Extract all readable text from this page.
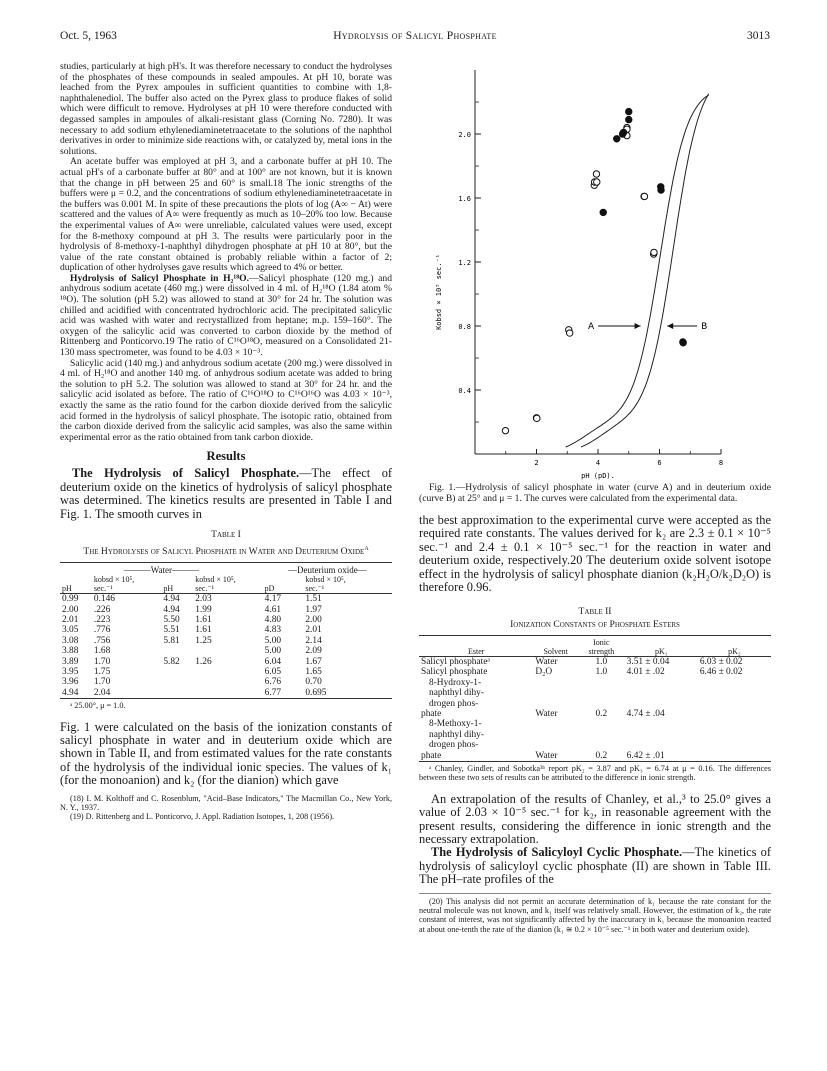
Oct. 5, 1963	Hydrolysis of Salicyl Phosphate	3013

studies, particularly at high pH's. It was therefore necessary to conduct the hydrolyses of the phosphates of these compounds in sealed ampoules. At pH 10, borate was leached from the Pyrex ampoules in sufficient quantities to combine with 1,8-naphthalenediol. The buffer also acted on the Pyrex glass to produce flakes of solid which were difficult to remove. Hydrolyses at pH 10 were therefore conducted with degassed samples in ampoules of alkali-resistant glass (Corning No. 7280). It was necessary to add sodium ethylenediaminetetraacetate to the solutions of the naphthol derivatives in order to minimize side reactions with, or catalyzed by, metal ions in the solutions.

An acetate buffer was employed at pH 3, and a carbonate buffer at pH 10. The actual pH's of a carbonate buffer at 80° and at 100° are not known, but it is known that the change in pH between 25 and 60° is small.18 The ionic strengths of the buffers were μ = 0.2, and the concentrations of sodium ethylenediaminetetraacetate in the buffers was 0.001 M. In spite of these precautions the plots of log (A∞ − At) were scattered and the values of A∞ were frequently as much as 10–20% too low. Because the experimental values of A∞ were unreliable, calculated values were used, except for the 8-methoxy compound at pH 3. The results were particularly poor in the hydrolysis of 8-methoxy-1-naphthyl dihydrogen phosphate at pH 10 at 80°, but the value of the rate constant obtained is probably reliable within a factor of 2; duplication of other hydrolyses gave results which agreed to 4% or better.

Hydrolysis of Salicyl Phosphate in H₂¹⁸O.—Salicyl phosphate (120 mg.) and anhydrous sodium acetate (460 mg.) were dissolved in 4 ml. of H₂¹⁸O (1.84 atom % ¹⁸O). The solution (pH 5.2) was allowed to stand at 30° for 24 hr. The solution was chilled and acidified with concentrated hydrochloric acid. The precipitated salicylic acid was washed with water and recrystallized from heptane; m.p. 159–160°. The oxygen of the salicylic acid was converted to carbon dioxide by the method of Rittenberg and Ponticorvo.19 The ratio of C¹⁶O¹⁸O, measured on a Consolidated 21-130 mass spectrometer, was found to be 4.03 × 10⁻³.

Salicylic acid (140 mg.) and anhydrous sodium acetate (200 mg.) were dissolved in 4 ml. of H₂¹⁸O and another 140 mg. of anhydrous sodium acetate was added to bring the solution to pH 5.2. The solution was allowed to stand at 30° for 24 hr. and the salicylic acid isolated as before. The ratio of C¹⁶O¹⁸O to C¹⁶O¹⁶O was 4.03 × 10⁻³, exactly the same as the ratio found for the carbon dioxide derived from the salicylic acid formed in the hydrolysis of salicyl phosphate. The isotopic ratio, obtained from the carbon dioxide derived from the salicylic acid samples, was also the same within experimental error as the ratio obtained from tank carbon dioxide.

Results

The Hydrolysis of Salicyl Phosphate.—The effect of deuterium oxide on the kinetics of hydrolysis of salicyl phosphate was determined. The kinetics results are presented in Table I and Fig. 1. The smooth curves in

Table I
The Hydrolyses of Salicyl Phosphate in Water and Deuterium Oxide$^a$
———Water———				—Deuterium oxide—	
	kobsd × 10⁵,		kobsd × 10⁵,		kobsd × 10⁵,
pH	sec.⁻¹	pH	sec.⁻¹	pD	sec.⁻¹
0.99	0.146	4.94	2.03	4.17	1.51
2.00	.226	4.94	1.99	4.61	1.97
2.01	.223	5.50	1.61	4.80	2.00
3.05	.776	5.51	1.61	4.83	2.01
3.08	.756	5.81	1.25	5.00	2.14
3.88	1.68			5.00	2.09
3.89	1.70	5.82	1.26	6.04	1.67
3.95	1.75			6.05	1.65
3.96	1.70			6.76	0.70
4.94	2.04			6.77	0.695
ᵃ 25.00°, μ = 1.0.

Fig. 1 were calculated on the basis of the ionization constants of salicyl phosphate in water and in deuterium oxide which are shown in Table II, and from estimated values for the rate constants of the hydrolysis of the individual ionic species. The values of k₁ (for the monoanion) and k₂ (for the dianion) which gave

(18) I. M. Kolthoff and C. Rosenblum, "Acid–Base Indicators," The Macmillan Co., New York, N. Y., 1937.

(19) D. Rittenberg and L. Ponticorvo, J. Appl. Radiation Isotopes, 1, 208 (1956).

0.4
0.8
1.2
1.6
2.0
2	4	6	8
pH (pD).
Kobsd × 10⁵ sec.⁻¹	A	B
Fig. 1.—Hydrolysis of salicyl phosphate in water (curve A) and in deuterium oxide (curve B) at 25° and μ = 1. The curves were calculated from the experimental data.

the best approximation to the experimental curve were accepted as the required rate constants. The values derived for k₂ are 2.3 ± 0.1 × 10⁻⁵ sec.⁻¹ and 2.4 ± 0.1 × 10⁻⁵ sec.⁻¹ for the reaction in water and deuterium oxide, respectively.20 The deuterium oxide solvent isotope effect in the hydrolysis of salicyl phosphate dianion (k₂H₂O/k₂D₂O) is therefore 0.96.

Table II
Ionization Constants of Phosphate Esters
		Ionic		
Ester	Solvent	strength	pK₁	pK₂
Salicyl phosphateᵃ	Water	1.0	3.51 ± 0.04	6.03 ± 0.02
Salicyl phosphate	D₂O	1.0	4.01 ± .02	6.46 ± 0.02
8-Hydroxy-1-				
naphthyl dihy-				
drogen phos-				
phate	Water	0.2	4.74 ± .04	
8-Methoxy-1-				
naphthyl dihy-				
drogen phos-				
phate	Water	0.2	6.42 ± .01	

ᵃ Chanley, Gindler, and Sobotka³ᵇ report pK₂ = 3.87 and pK₃ = 6.74 at μ = 0.16. The differences between these two sets of results can be attributed to the difference in ionic strength.

An extrapolation of the results of Chanley, et al.,³ to 25.0° gives a value of 2.03 × 10⁻⁵ sec.⁻¹ for k₂, in reasonable agreement with the present results, considering the difference in ionic strength and the necessary extrapolation.

The Hydrolysis of Salicyloyl Cyclic Phosphate.—The kinetics of hydrolysis of salicyloyl cyclic phosphate (II) are shown in Table III. The pH–rate profiles of the

(20) This analysis did not permit an accurate determination of k₁ because the rate constant for the neutral molecule was not known, and k₁ itself was relatively small. However, the estimation of k₂, the rate constant of interest, was not significantly affected by the inaccuracy in k₁ because the monoanion reacted at about one-tenth the rate of the dianion (k₁ ≅ 0.2 × 10⁻⁵ sec.⁻¹ in both water and deuterium oxide).
